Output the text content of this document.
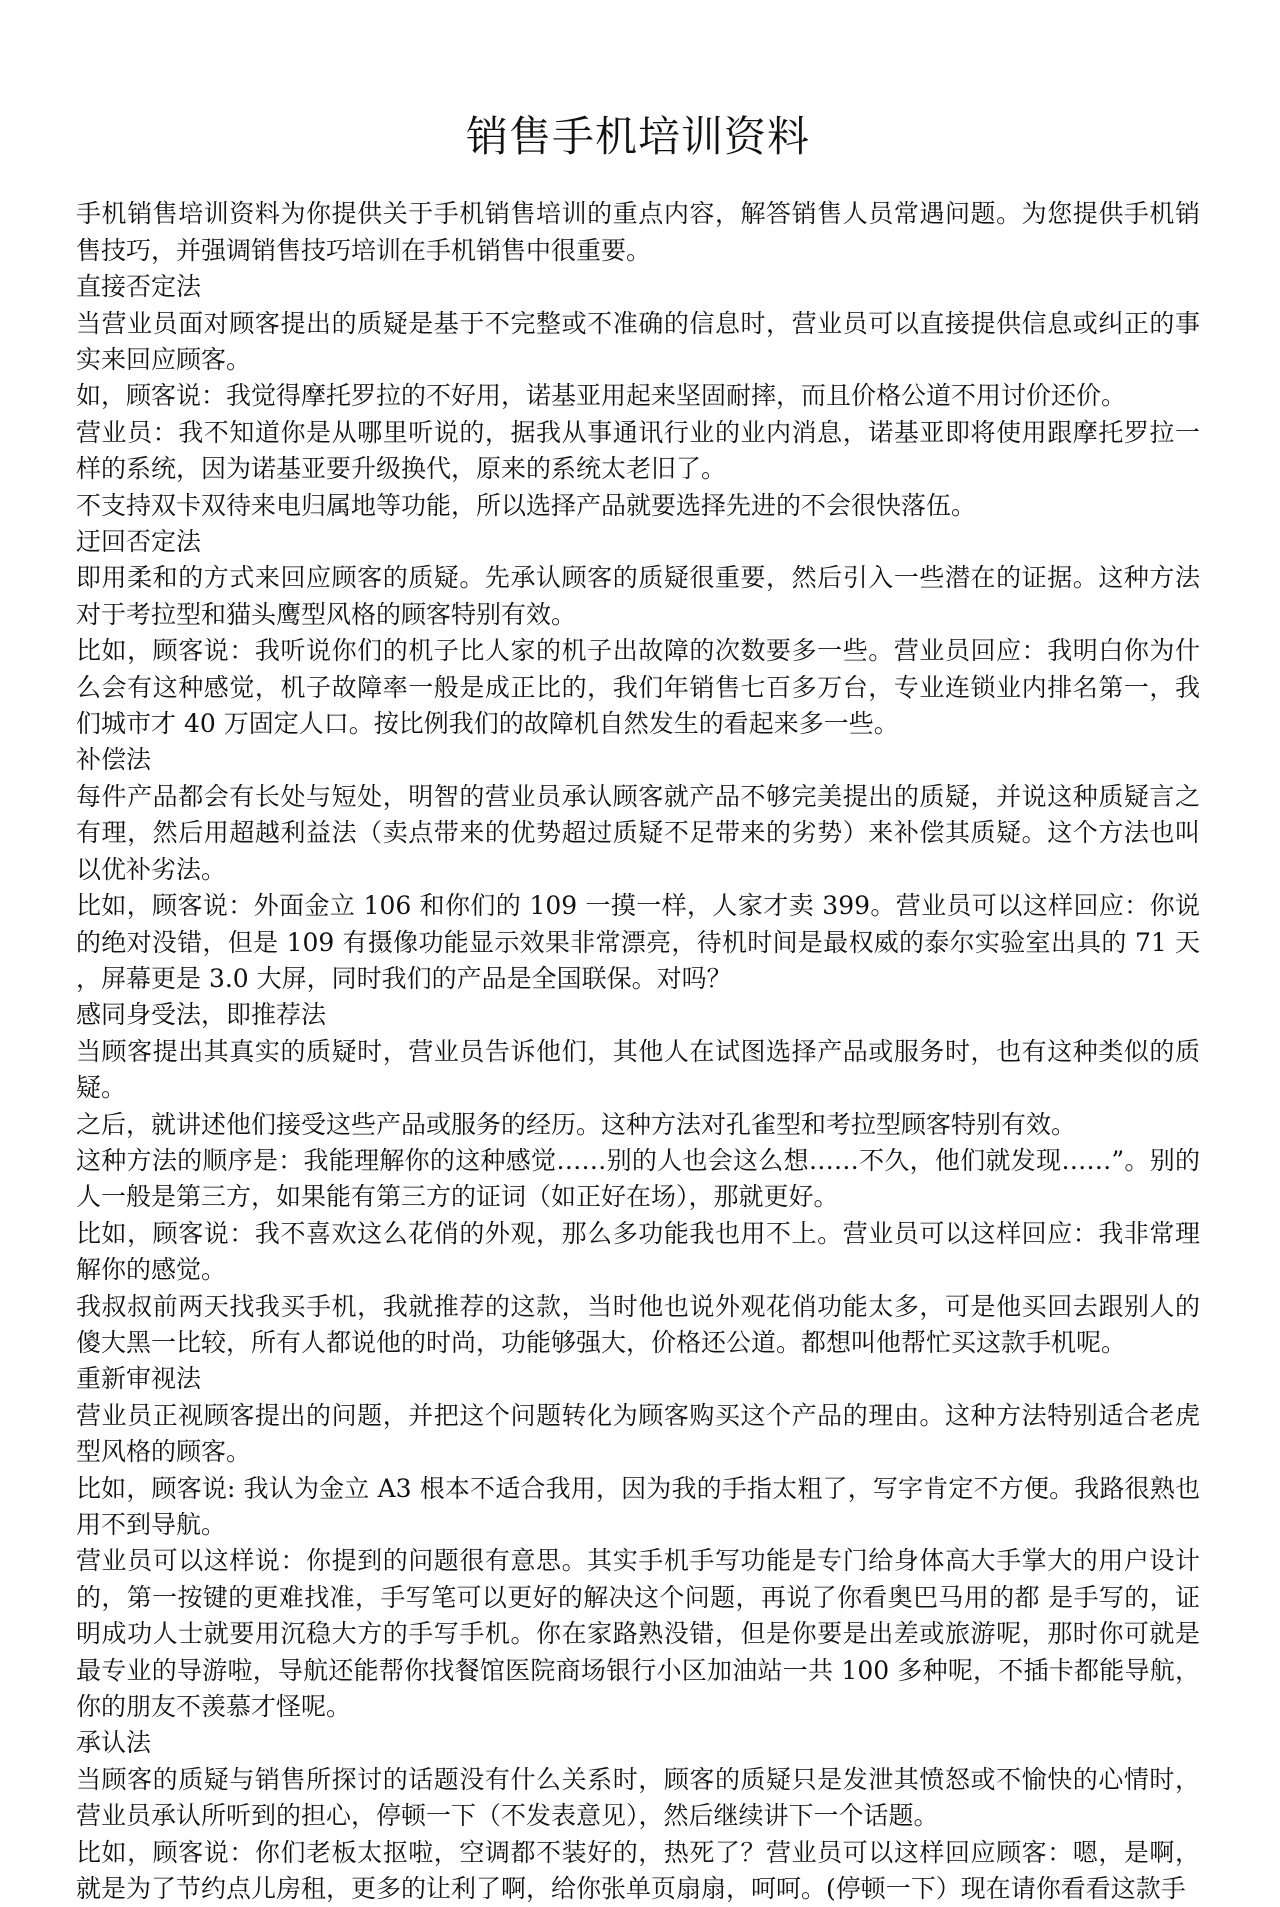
销售手机培训资料

手机销售培训资料为你提供关于手机销售培训的重点内容，解答销售人员常遇问题。为您提供手机销售技巧，并强调销售技巧培训在手机销售中很重要。

直接否定法

当营业员面对顾客提出的质疑是基于不完整或不准确的信息时，营业员可以直接提供信息或纠正的事实来回应顾客。

如，顾客说：我觉得摩托罗拉的不好用，诺基亚用起来坚固耐摔，而且价格公道不用讨价还价。

营业员：我不知道你是从哪里听说的，据我从事通讯行业的业内消息，诺基亚即将使用跟摩托罗拉一样的系统，因为诺基亚要升级换代，原来的系统太老旧了。

不支持双卡双待来电归属地等功能，所以选择产品就要选择先进的不会很快落伍。

迂回否定法

即用柔和的方式来回应顾客的质疑。先承认顾客的质疑很重要，然后引入一些潜在的证据。这种方法对于考拉型和猫头鹰型风格的顾客特别有效。

比如，顾客说：我听说你们的机子比人家的机子出故障的次数要多一些。营业员回应：我明白你为什么会有这种感觉，机子故障率一般是成正比的，我们年销售七百多万台，专业连锁业内排名第一，我们城市才 40 万固定人口。按比例我们的故障机自然发生的看起来多一些。

补偿法

每件产品都会有长处与短处，明智的营业员承认顾客就产品不够完美提出的质疑，并说这种质疑言之有理，然后用超越利益法（卖点带来的优势超过质疑不足带来的劣势）来补偿其质疑。这个方法也叫以优补劣法。

比如，顾客说：外面金立 106 和你们的 109 一摸一样，人家才卖 399。营业员可以这样回应：你说的绝对没错，但是 109 有摄像功能显示效果非常漂亮，待机时间是最权威的泰尔实验室出具的 71 天，屏幕更是 3.0 大屏，同时我们的产品是全国联保。对吗？

感同身受法，即推荐法

当顾客提出其真实的质疑时，营业员告诉他们，其他人在试图选择产品或服务时，也有这种类似的质疑。

之后，就讲述他们接受这些产品或服务的经历。这种方法对孔雀型和考拉型顾客特别有效。

这种方法的顺序是：我能理解你的这种感觉……别的人也会这么想……不久，他们就发现……”。别的人一般是第三方，如果能有第三方的证词（如正好在场），那就更好。

比如，顾客说：我不喜欢这么花俏的外观，那么多功能我也用不上。营业员可以这样回应：我非常理解你的感觉。

我叔叔前两天找我买手机，我就推荐的这款，当时他也说外观花俏功能太多，可是他买回去跟别人的傻大黑一比较，所有人都说他的时尚，功能够强大，价格还公道。都想叫他帮忙买这款手机呢。

重新审视法

营业员正视顾客提出的问题，并把这个问题转化为顾客购买这个产品的理由。这种方法特别适合老虎型风格的顾客。

比如，顾客说: 我认为金立 A3 根本不适合我用，因为我的手指太粗了，写字肯定不方便。我路很熟也用不到导航。

营业员可以这样说：你提到的问题很有意思。其实手机手写功能是专门给身体高大手掌大的用户设计的，第一按键的更难找准，手写笔可以更好的解决这个问题，再说了你看奥巴马用的都 是手写的，证明成功人士就要用沉稳大方的手写手机。你在家路熟没错，但是你要是出差或旅游呢，那时你可就是最专业的导游啦，导航还能帮你找餐馆医院商场银行小区加油站一共 100 多种呢，不插卡都能导航，你的朋友不羡慕才怪呢。

承认法

当顾客的质疑与销售所探讨的话题没有什么关系时，顾客的质疑只是发泄其愤怒或不愉快的心情时，营业员承认所听到的担心，停顿一下（不发表意见），然后继续讲下一个话题。

比如，顾客说：你们老板太抠啦，空调都不装好的，热死了？营业员可以这样回应顾客：嗯，是啊，就是为了节约点儿房租，更多的让利了啊，给你张单页扇扇，呵呵。(停顿一下）现在请你看看这款手
